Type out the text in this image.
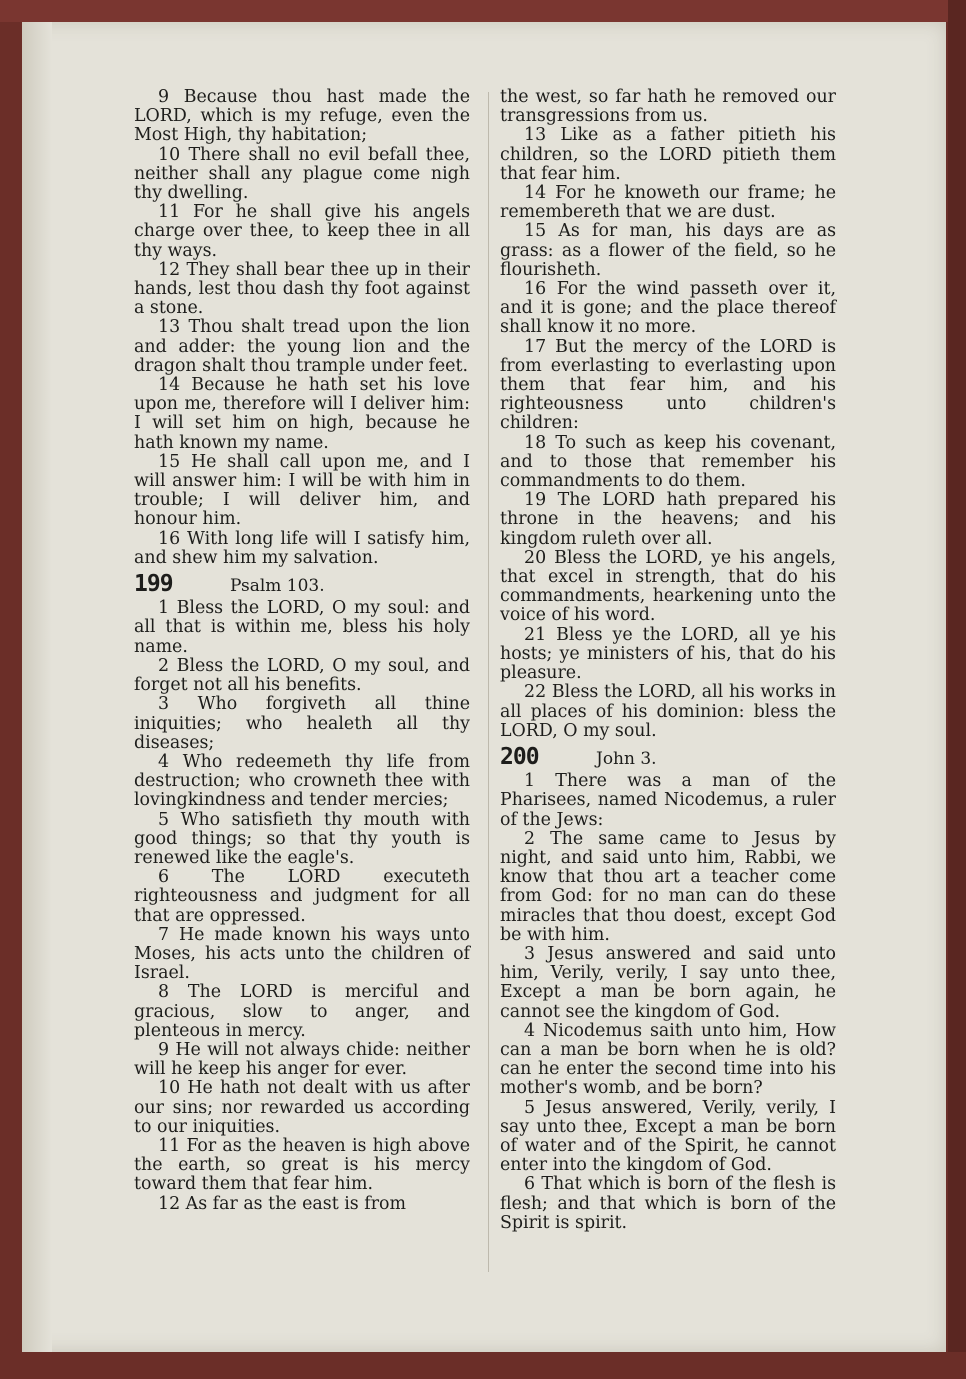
9 Because thou hast made the LORD, which is my refuge, even the Most High, thy habitation;

10 There shall no evil befall thee, neither shall any plague come nigh thy dwelling.

11 For he shall give his angels charge over thee, to keep thee in all thy ways.

12 They shall bear thee up in their hands, lest thou dash thy foot against a stone.

13 Thou shalt tread upon the lion and adder: the young lion and the dragon shalt thou trample under feet.

14 Because he hath set his love upon me, therefore will I deliver him: I will set him on high, because he hath known my name.

15 He shall call upon me, and I will answer him: I will be with him in trouble; I will deliver him, and honour him.

16 With long life will I satisfy him, and shew him my salvation.

199	Psalm 103.

1 Bless the LORD, O my soul: and all that is within me, bless his holy name.

2 Bless the LORD, O my soul, and forget not all his benefits.

3 Who forgiveth all thine iniquities; who healeth all thy diseases;

4 Who redeemeth thy life from destruction; who crowneth thee with lovingkindness and tender mercies;

5 Who satisfieth thy mouth with good things; so that thy youth is renewed like the eagle's.

6 The LORD executeth righteousness and judgment for all that are oppressed.

7 He made known his ways unto Moses, his acts unto the children of Israel.

8 The LORD is merciful and gracious, slow to anger, and plenteous in mercy.

9 He will not always chide: neither will he keep his anger for ever.

10 He hath not dealt with us after our sins; nor rewarded us according to our iniquities.

11 For as the heaven is high above the earth, so great is his mercy toward them that fear him.

12 As far as the east is from

the west, so far hath he removed our transgressions from us.

13 Like as a father pitieth his children, so the LORD pitieth them that fear him.

14 For he knoweth our frame; he remembereth that we are dust.

15 As for man, his days are as grass: as a flower of the field, so he flourisheth.

16 For the wind passeth over it, and it is gone; and the place thereof shall know it no more.

17 But the mercy of the LORD is from everlasting to everlasting upon them that fear him, and his righteousness unto children's children:

18 To such as keep his covenant, and to those that remember his commandments to do them.

19 The LORD hath prepared his throne in the heavens; and his kingdom ruleth over all.

20 Bless the LORD, ye his angels, that excel in strength, that do his commandments, hearkening unto the voice of his word.

21 Bless ye the LORD, all ye his hosts; ye ministers of his, that do his pleasure.

22 Bless the LORD, all his works in all places of his dominion: bless the LORD, O my soul.

200	John 3.

1 There was a man of the Pharisees, named Nicodemus, a ruler of the Jews:

2 The same came to Jesus by night, and said unto him, Rabbi, we know that thou art a teacher come from God: for no man can do these miracles that thou doest, except God be with him.

3 Jesus answered and said unto him, Verily, verily, I say unto thee, Except a man be born again, he cannot see the kingdom of God.

4 Nicodemus saith unto him, How can a man be born when he is old? can he enter the second time into his mother's womb, and be born?

5 Jesus answered, Verily, verily, I say unto thee, Except a man be born of water and of the Spirit, he cannot enter into the kingdom of God.

6 That which is born of the flesh is flesh; and that which is born of the Spirit is spirit.
